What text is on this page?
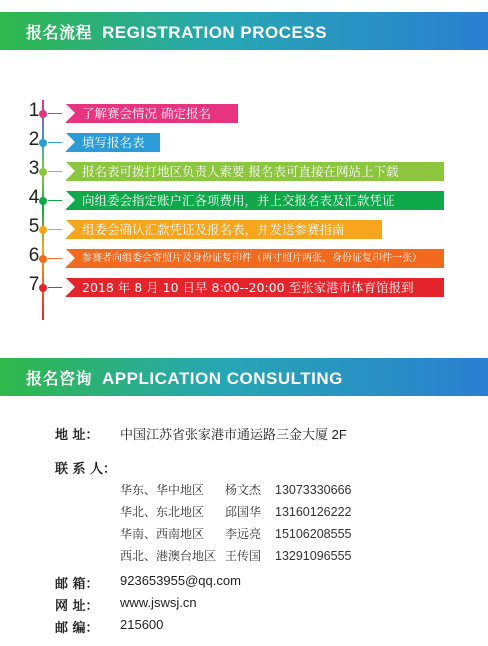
报名流程 REGISTRATION PROCESS
1	了解赛会情况 确定报名
2	填写报名表
3	报名表可拨打地区负责人索要 报名表可直接在网站上下载
4	向组委会指定账户汇各项费用，并上交报名表及汇款凭证
5	组委会确认汇款凭证及报名表，并发送参赛指南
6	参赛者向组委会寄照片及身份证复印件（两寸照片两张，身份证复印件一张）
7	2018 年 8 月 10 日早 8:00--20:00 至张家港市体育馆报到
报名咨询 APPLICATION CONSULTING
地 址： 中国江苏省张家港市通运路三金大厦 2F
联 系 人：
华东、华中地区 杨文杰 13073330666
华北、东北地区 邱国华 13160126222
华南、西南地区 李远亮 15106208555
西北、港澳台地区 王传国 13291096555
邮 箱： 923653955@qq.com
网 址： www.jswsj.cn
邮 编： 215600
